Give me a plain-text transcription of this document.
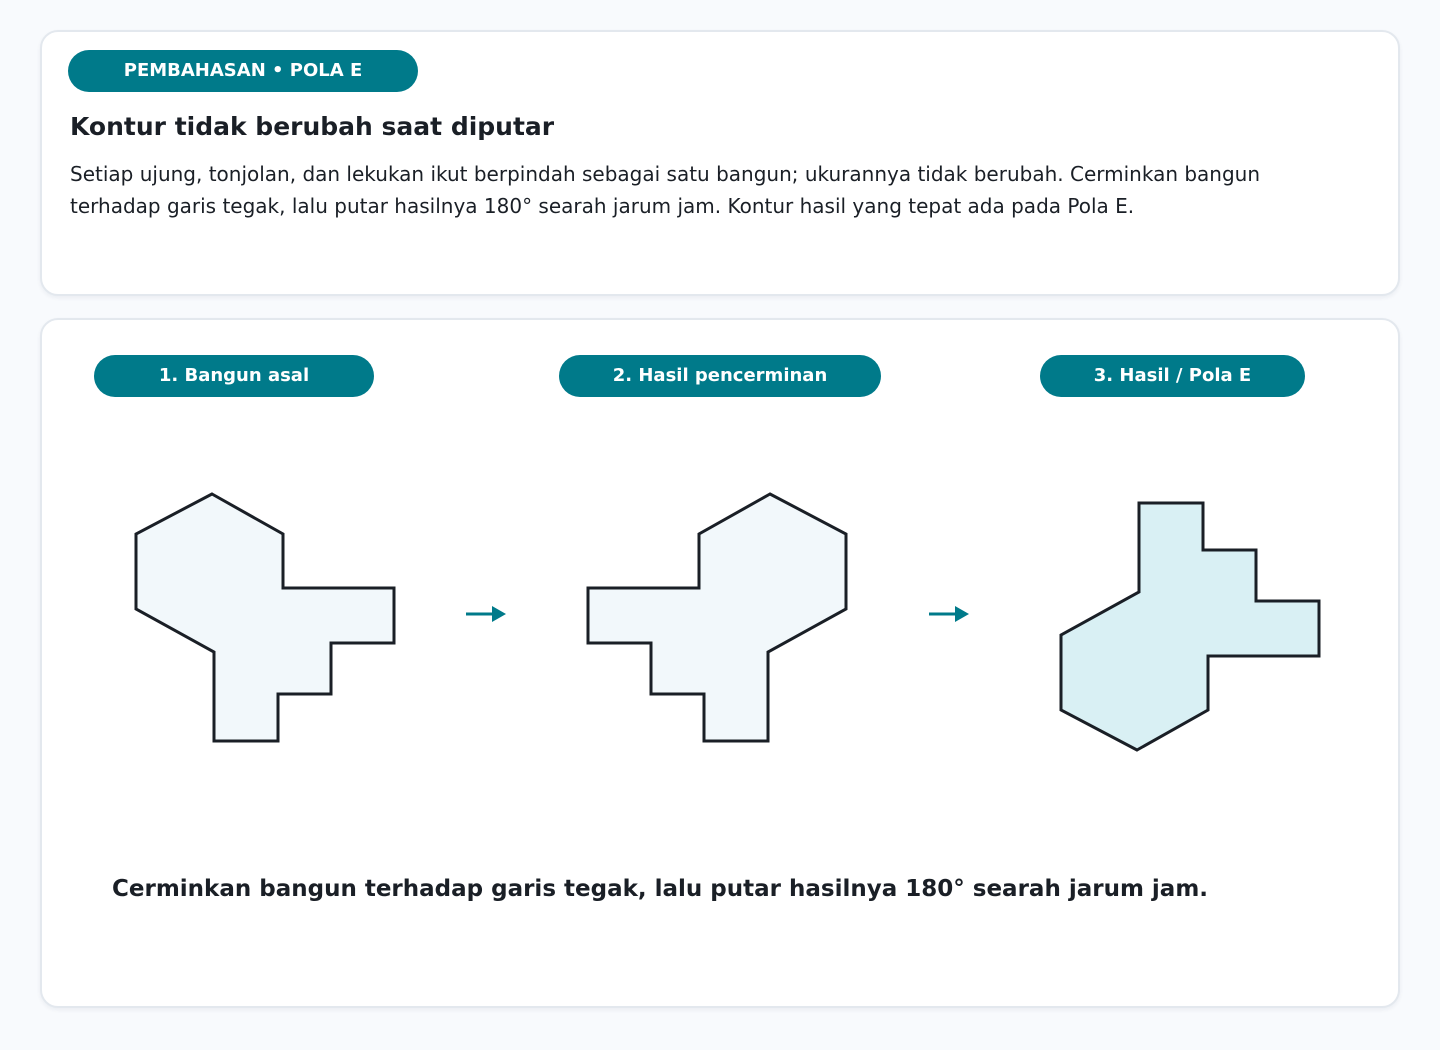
PEMBAHASAN • POLA E
Kontur tidak berubah saat diputar
Setiap ujung, tonjolan, dan lekukan ikut berpindah sebagai satu bangun; ukurannya tidak berubah. Cerminkan bangun terhadap garis tegak, lalu putar hasilnya 180° searah jarum jam. Kontur hasil yang tepat ada pada Pola E.
1. Bangun asal	2. Hasil pencerminan	3. Hasil / Pola E
Cerminkan bangun terhadap garis tegak, lalu putar hasilnya 180° searah jarum jam.
